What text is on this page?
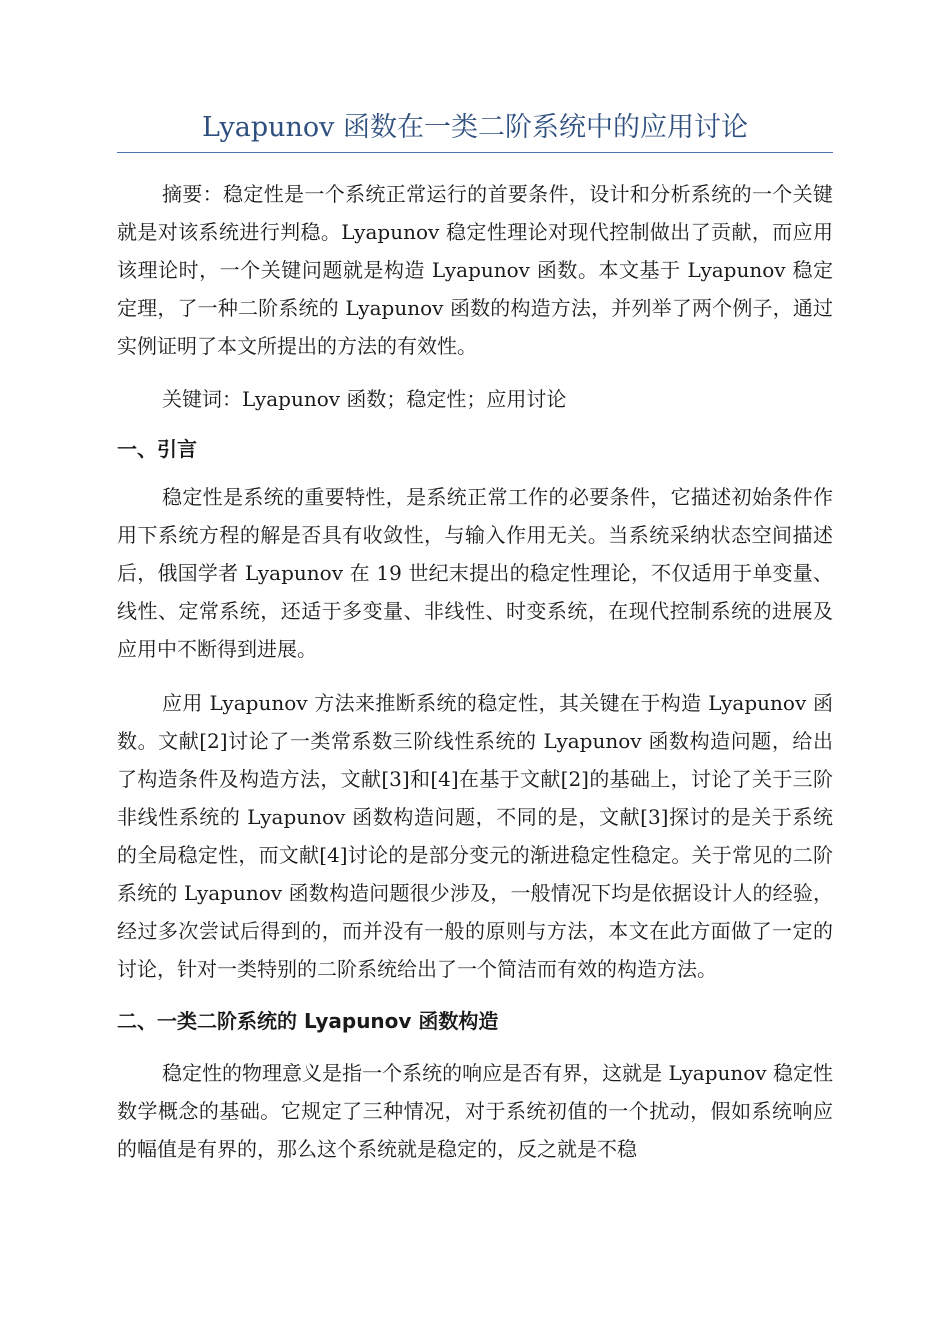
Lyapunov 函数在一类二阶系统中的应用讨论

摘要：稳定性是一个系统正常运行的首要条件，设计和分析系统的一个关键就是对该系统进行判稳。Lyapunov 稳定性理论对现代控制做出了贡献，而应用该理论时，一个关键问题就是构造 Lyapunov 函数。本文基于 Lyapunov 稳定定理，了一种二阶系统的 Lyapunov 函数的构造方法，并列举了两个例子，通过实例证明了本文所提出的方法的有效性。

关键词：Lyapunov 函数；稳定性；应用讨论

一、引言

稳定性是系统的重要特性，是系统正常工作的必要条件，它描述初始条件作用下系统方程的解是否具有收敛性，与输入作用无关。当系统采纳状态空间描述后，俄国学者 Lyapunov 在 19 世纪末提出的稳定性理论，不仅适用于单变量、线性、定常系统，还适于多变量、非线性、时变系统，在现代控制系统的进展及应用中不断得到进展。

应用 Lyapunov 方法来推断系统的稳定性，其关键在于构造 Lyapunov 函数。文献[2]讨论了一类常系数三阶线性系统的 Lyapunov 函数构造问题，给出了构造条件及构造方法，文献[3]和[4]在基于文献[2]的基础上，讨论了关于三阶非线性系统的 Lyapunov 函数构造问题，不同的是，文献[3]探讨的是关于系统的全局稳定性，而文献[4]讨论的是部分变元的渐进稳定性稳定。关于常见的二阶系统的 Lyapunov 函数构造问题很少涉及，一般情况下均是依据设计人的经验，经过多次尝试后得到的，而并没有一般的原则与方法，本文在此方面做了一定的讨论，针对一类特别的二阶系统给出了一个简洁而有效的构造方法。

二、一类二阶系统的 Lyapunov 函数构造

稳定性的物理意义是指一个系统的响应是否有界，这就是 Lyapunov 稳定性数学概念的基础。它规定了三种情况，对于系统初值的一个扰动，假如系统响应的幅值是有界的，那么这个系统就是稳定的，反之就是不稳
